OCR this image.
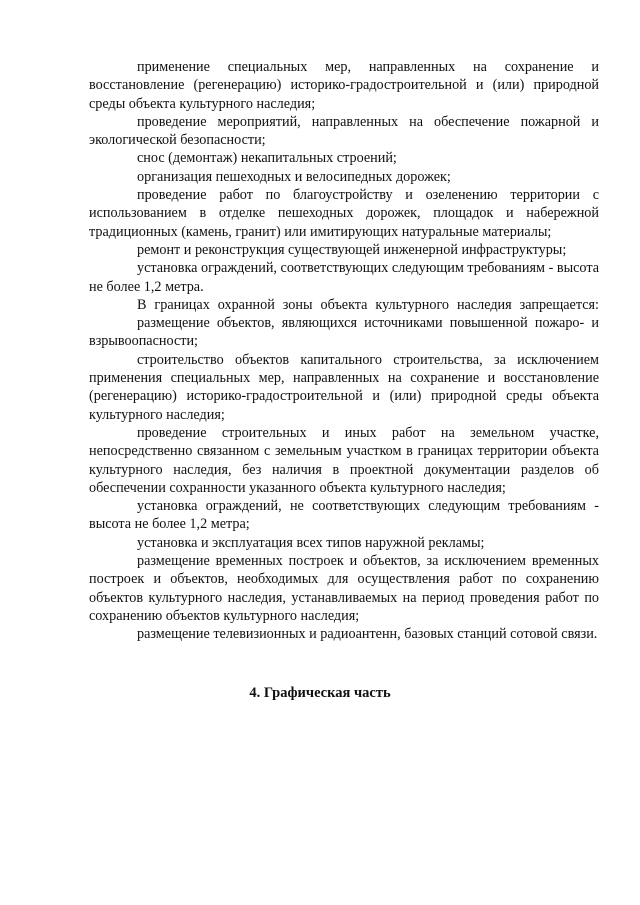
применение специальных мер, направленных на сохранение и восстановление (регенерацию) историко-градостроительной и (или) природной среды объекта культурного наследия;

проведение мероприятий, направленных на обеспечение пожарной и экологической безопасности;

снос (демонтаж) некапитальных строений;

организация пешеходных и велосипедных дорожек;

проведение работ по благоустройству и озеленению территории с использованием в отделке пешеходных дорожек, площадок и набережной традиционных (камень, гранит) или имитирующих натуральные материалы;

ремонт и реконструкция существующей инженерной инфраструктуры;

установка ограждений, соответствующих следующим требованиям - высота не более 1,2 метра.

В границах охранной зоны объекта культурного наследия запрещается:

размещение объектов, являющихся источниками повышенной пожаро- и взрывоопасности;

строительство объектов капитального строительства, за исключением применения специальных мер, направленных на сохранение и восстановление (регенерацию) историко-градостроительной и (или) природной среды объекта культурного наследия;

проведение строительных и иных работ на земельном участке, непосредственно связанном с земельным участком в границах территории объекта культурного наследия, без наличия в проектной документации разделов об обеспечении сохранности указанного объекта культурного наследия;

установка ограждений, не соответствующих следующим требованиям - высота не более 1,2 метра;

установка и эксплуатация всех типов наружной рекламы;

размещение временных построек и объектов, за исключением временных построек и объектов, необходимых для осуществления работ по сохранению объектов культурного наследия, устанавливаемых на период проведения работ по сохранению объектов культурного наследия;

размещение телевизионных и радиоантенн, базовых станций сотовой связи.

4. Графическая часть
